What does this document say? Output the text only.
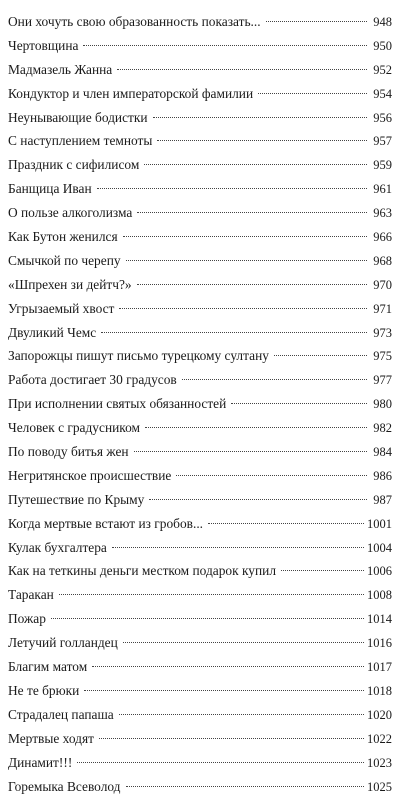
Они хочуть свою образованность показать...	948
Чертовщина	950
Мадмазель Жанна	952
Кондуктор и член императорской фамилии	954
Неунывающие бодистки	956
С наступлением темноты	957
Праздник с сифилисом	959
Банщица Иван	961
О пользе алкоголизма	963
Как Бутон женился	966
Смычкой по черепу	968
«Шпрехен зи дейтч?»	970
Угрызаемый хвост	971
Двуликий Чемс	973
Запорожцы пишут письмо турецкому султану	975
Работа достигает 30 градусов	977
При исполнении святых обязанностей	980
Человек с градусником	982
По поводу битья жен	984
Негритянское происшествие	986
Путешествие по Крыму	987
Когда мертвые встают из гробов...	1001
Кулак бухгалтера	1004
Как на теткины деньги местком подарок купил	1006
Таракан	1008
Пожар	1014
Летучий голландец	1016
Благим матом	1017
Не те брюки	1018
Страдалец папаша	1020
Мертвые ходят	1022
Динамит!!!	1023
Горемыка Всеволод	1025
